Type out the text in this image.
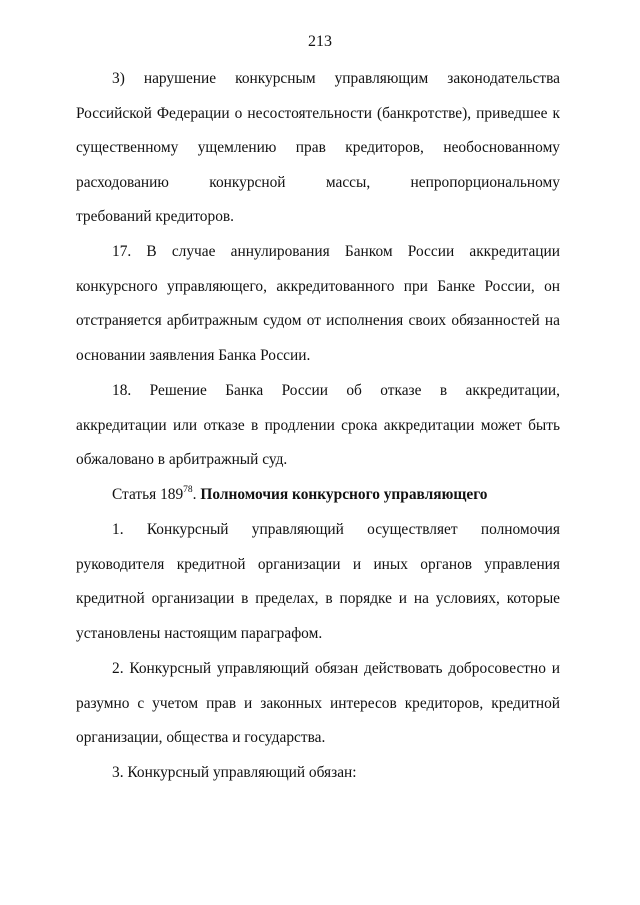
213
3) нарушение конкурсным управляющим законодательства
Российской Федерации о несостоятельности (банкротстве), приведшее к
существенному ущемлению прав кредиторов, необоснованному
расходованию конкурсной массы, непропорциональному
требований кредиторов.
17. В случае аннулирования Банком России аккредитации
конкурсного управляющего, аккредитованного при Банке России, он
отстраняется арбитражным судом от исполнения своих обязанностей на
основании заявления Банка России.
18. Решение Банка России об отказе в аккредитации,
аккредитации или отказе в продлении срока аккредитации может быть
обжаловано в арбитражный суд.
Статья $189^{78}$. Полномочия конкурсного управляющего
1. Конкурсный управляющий осуществляет полномочия
руководителя кредитной организации и иных органов управления
кредитной организации в пределах, в порядке и на условиях, которые
установлены настоящим параграфом.
2. Конкурсный управляющий обязан действовать добросовестно и
разумно с учетом прав и законных интересов кредиторов, кредитной
организации, общества и государства.
3. Конкурсный управляющий обязан:
